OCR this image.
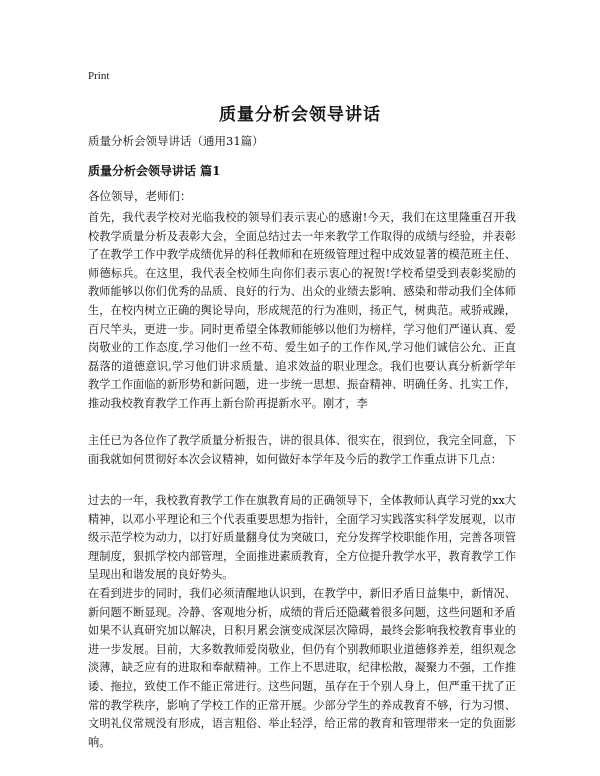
Print
质量分析会领导讲话
质量分析会领导讲话（通用31篇）
质量分析会领导讲话 篇1
各位领导，老师们：

首先，我代表学校对光临我校的领导们表示衷心的感谢!今天，我们在这里隆重召开我校教学质量分析及表彰大会，全面总结过去一年来教学工作取得的成绩与经验，并表彰了在教学工作中教学成绩优异的科任教师和在班级管理过程中成效显著的模范班主任、师德标兵。在这里，我代表全校师生向你们表示衷心的祝贺!学校希望受到表彰奖励的教师能够以你们优秀的品质、良好的行为、出众的业绩去影响、感染和带动我们全体师生，在校内树立正确的舆论导向，形成规范的行为准则，扬正气，树典范。戒骄戒躁，百尺竿头，更进一步。同时更希望全体教师能够以他们为榜样，学习他们严谨认真、爱岗敬业的工作态度,学习他们一丝不苟、爱生如子的工作作风,学习他们诚信公允、正直磊落的道德意识,学习他们讲求质量、追求效益的职业理念。我们也要认真分析新学年教学工作面临的新形势和新问题，进一步统一思想、振奋精神、明确任务、扎实工作，推动我校教育教学工作再上新台阶再提新水平。刚才，李

主任已为各位作了教学质量分析报告，讲的很具体、很实在，很到位，我完全同意，下面我就如何贯彻好本次会议精神，如何做好本学年及今后的教学工作重点讲下几点：

过去的一年，我校教育教学工作在旗教育局的正确领导下，全体教师认真学习党的xx大精神，以邓小平理论和三个代表重要思想为指针，全面学习实践落实科学发展观，以市级示范学校为动力，以打好质量翻身仗为突破口，充分发挥学校职能作用，完善各项管理制度，狠抓学校内部管理，全面推进素质教育，全方位提升教学水平，教育教学工作呈现出和谐发展的良好势头。

在看到进步的同时，我们必须清醒地认识到，在教学中，新旧矛盾日益集中，新情况、新问题不断显现。冷静、客观地分析，成绩的背后还隐藏着很多问题，这些问题和矛盾如果不认真研究加以解决，日积月累会演变成深层次障碍，最终会影响我校教育事业的进一步发展。目前，大多数教师爱岗敬业，但仍有个别教师职业道德修养差，组织观念淡薄，缺乏应有的进取和奉献精神。工作上不思进取，纪律松散，凝聚力不强，工作推诿、拖拉，致使工作不能正常进行。这些问题，虽存在于个别人身上，但严重干扰了正常的教学秩序，影响了学校工作的正常开展。少部分学生的养成教育不够，行为习惯、文明礼仪常规没有形成，语言粗俗、举止轻浮，给正常的教育和管理带来一定的负面影响。
